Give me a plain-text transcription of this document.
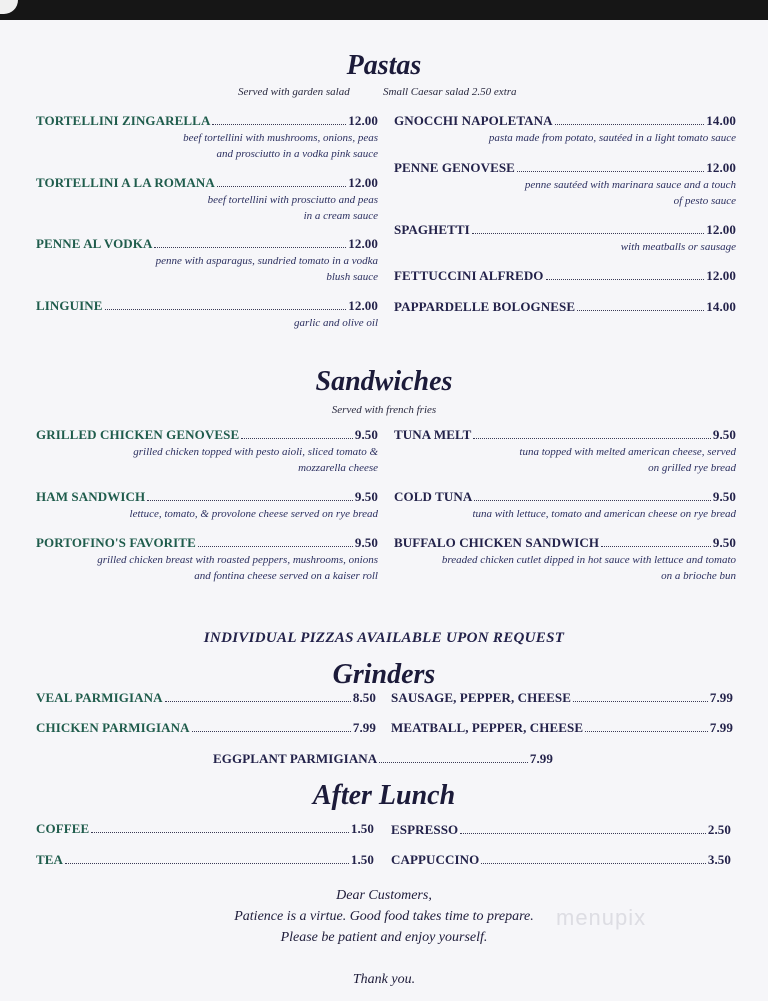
Pastas
Served with garden salad	Small Caesar salad 2.50 extra
TORTELLINI ZINGARELLA	12.00
beef tortellini with mushrooms, onions, peas
and prosciutto in a vodka pink sauce
TORTELLINI A LA ROMANA	12.00
beef tortellini with prosciutto and peas
in a cream sauce
PENNE AL VODKA	12.00
penne with asparagus, sundried tomato in a vodka
blush sauce
LINGUINE	12.00
garlic and olive oil
GNOCCHI NAPOLETANA	14.00
pasta made from potato, sautéed in a light tomato sauce
PENNE GENOVESE	12.00
penne sautéed with marinara sauce and a touch
of pesto sauce
SPAGHETTI	12.00
with meatballs or sausage
FETTUCCINI ALFREDO	12.00
PAPPARDELLE BOLOGNESE	14.00
Sandwiches
Served with french fries
GRILLED CHICKEN GENOVESE	9.50
grilled chicken topped with pesto aioli, sliced tomato &
mozzarella cheese
HAM SANDWICH	9.50
lettuce, tomato, & provolone cheese served on rye bread
PORTOFINO'S FAVORITE	9.50
grilled chicken breast with roasted peppers, mushrooms, onions
and fontina cheese served on a kaiser roll
TUNA MELT	9.50
tuna topped with melted american cheese, served
on grilled rye bread
COLD TUNA	9.50
tuna with lettuce, tomato and american cheese on rye bread
BUFFALO CHICKEN SANDWICH	9.50
breaded chicken cutlet dipped in hot sauce with lettuce and tomato
on a brioche bun
INDIVIDUAL PIZZAS AVAILABLE UPON REQUEST
Grinders
VEAL PARMIGIANA	8.50
CHICKEN PARMIGIANA	7.99
SAUSAGE, PEPPER, CHEESE	7.99
MEATBALL, PEPPER, CHEESE	7.99
EGGPLANT PARMIGIANA	7.99
After Lunch
COFFEE	1.50
TEA	1.50
ESPRESSO	2.50
CAPPUCCINO	3.50
Dear Customers,
Patience is a virtue. Good food takes time to prepare.
Please be patient and enjoy yourself.
Thank you.
menupix
